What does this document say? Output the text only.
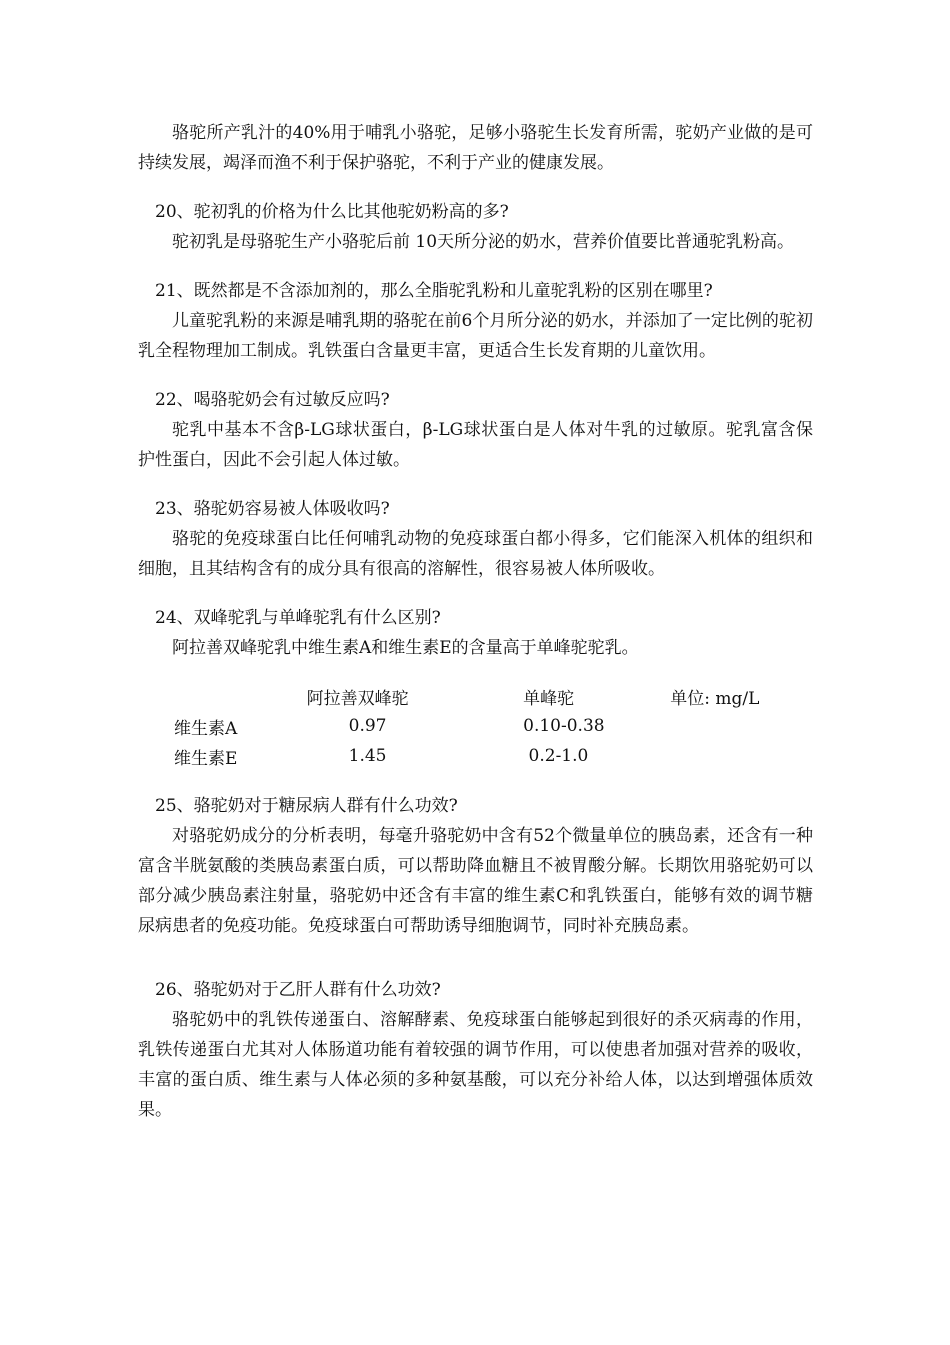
骆驼所产乳汁的40%用于哺乳小骆驼，足够小骆驼生长发育所需，驼奶产业做的是可持续发展，竭泽而渔不利于保护骆驼，不利于产业的健康发展。

20、驼初乳的价格为什么比其他驼奶粉高的多?

驼初乳是母骆驼生产小骆驼后前 10天所分泌的奶水，营养价值要比普通驼乳粉高。

21、既然都是不含添加剂的，那么全脂驼乳粉和儿童驼乳粉的区别在哪里?

儿童驼乳粉的来源是哺乳期的骆驼在前6个月所分泌的奶水，并添加了一定比例的驼初乳全程物理加工制成。乳铁蛋白含量更丰富，更适合生长发育期的儿童饮用。

22、喝骆驼奶会有过敏反应吗?

驼乳中基本不含β-LG球状蛋白，β-LG球状蛋白是人体对牛乳的过敏原。驼乳富含保护性蛋白，因此不会引起人体过敏。

23、骆驼奶容易被人体吸收吗?

骆驼的免疫球蛋白比任何哺乳动物的免疫球蛋白都小得多，它们能深入机体的组织和细胞，且其结构含有的成分具有很高的溶解性，很容易被人体所吸收。

24、双峰驼乳与单峰驼乳有什么区别?

阿拉善双峰驼乳中维生素A和维生素E的含量高于单峰驼驼乳。

	阿拉善双峰驼	单峰驼	单位: mg/L
维生素A	0.97	0.10-0.38	
维生素E	1.45	0.2-1.0	

25、骆驼奶对于糖尿病人群有什么功效?

对骆驼奶成分的分析表明，每毫升骆驼奶中含有52个微量单位的胰岛素，还含有一种富含半胱氨酸的类胰岛素蛋白质，可以帮助降血糖且不被胃酸分解。长期饮用骆驼奶可以部分减少胰岛素注射量，骆驼奶中还含有丰富的维生素C和乳铁蛋白，能够有效的调节糖尿病患者的免疫功能。免疫球蛋白可帮助诱导细胞调节，同时补充胰岛素。

26、骆驼奶对于乙肝人群有什么功效?

骆驼奶中的乳铁传递蛋白、溶解酵素、免疫球蛋白能够起到很好的杀灭病毒的作用，乳铁传递蛋白尤其对人体肠道功能有着较强的调节作用，可以使患者加强对营养的吸收，丰富的蛋白质、维生素与人体必须的多种氨基酸，可以充分补给人体，以达到增强体质效果。
